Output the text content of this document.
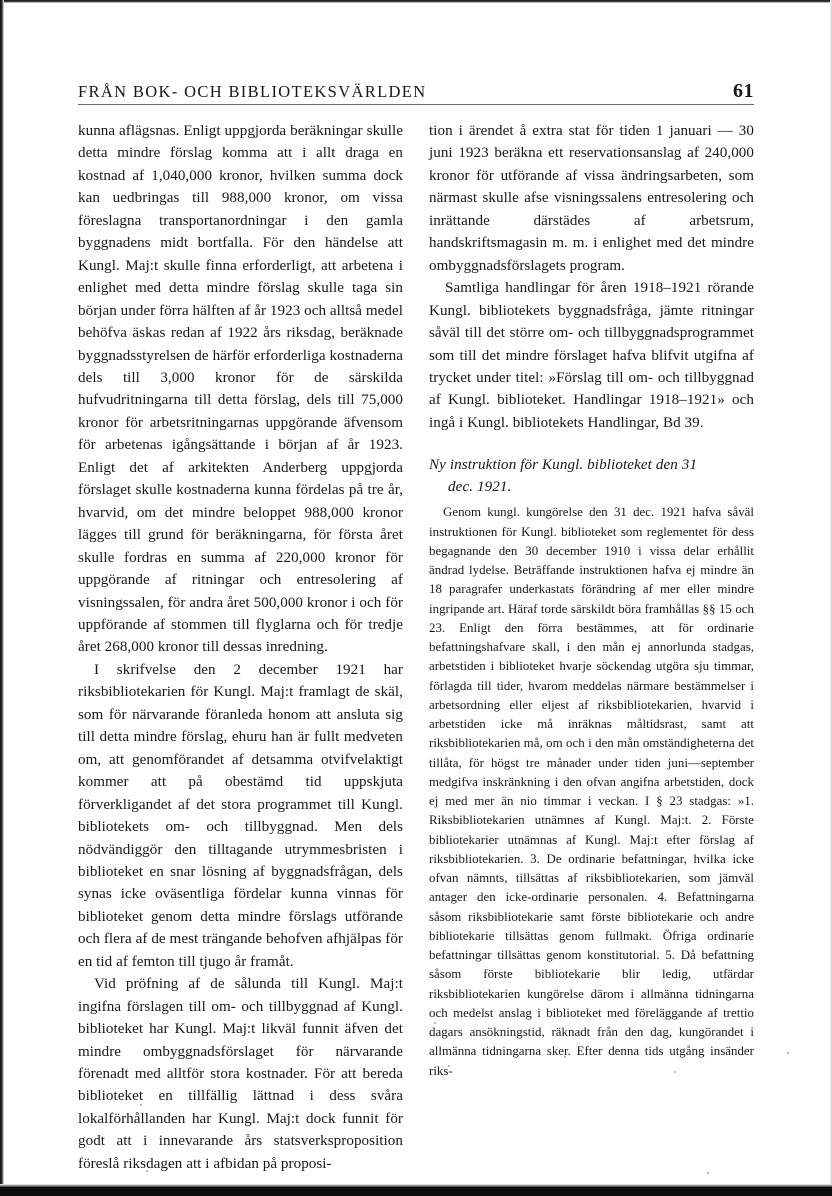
FRÅN BOK- OCH BIBLIOTEKSVÄRLDEN	61

kunna aflägsnas. Enligt uppgjorda beräkningar skulle detta mindre förslag komma att i allt draga en kostnad af 1,040,000 kronor, hvilken summa dock kan uedbringas till 988,000 kronor, om vissa föreslagna transportanordningar i den gamla byggnadens midt bortfalla. För den händelse att Kungl. Maj:t skulle finna erforderligt, att arbetena i enlighet med detta mindre förslag skulle taga sin början under förra hälften af år 1923 och alltså medel behöfva äskas redan af 1922 års riksdag, beräknade byggnadsstyrelsen de härför erforderliga kostnaderna dels till 3,000 kronor för de särskilda hufvudritningarna till detta förslag, dels till 75,000 kronor för arbetsritningarnas uppgörande äfvensom för arbetenas igångsättande i början af år 1923. Enligt det af arkitekten Anderberg uppgjorda förslaget skulle kostnaderna kunna fördelas på tre år, hvarvid, om det mindre beloppet 988,000 kronor lägges till grund för beräkningarna, för första året skulle fordras en summa af 220,000 kronor för uppgörande af ritningar och entresolering af visningssalen, för andra året 500,000 kronor i och för uppförande af stommen till flyglarna och för tredje året 268,000 kronor till dessas inredning.

I skrifvelse den 2 december 1921 har riksbibliotekarien för Kungl. Maj:t framlagt de skäl, som för närvarande föranleda honom att ansluta sig till detta mindre förslag, ehuru han är fullt medveten om, att genomförandet af detsamma otvifvelaktigt kommer att på obestämd tid uppskjuta förverkligandet af det stora programmet till Kungl. bibliotekets om- och tillbyggnad. Men dels nödvändiggör den tilltagande utrymmesbristen i biblioteket en snar lösning af byggnadsfrågan, dels synas icke oväsentliga fördelar kunna vinnas för biblioteket genom detta mindre förslags utförande och flera af de mest trängande behofven afhjälpas för en tid af femton till tjugo år framåt.

Vid pröfning af de sålunda till Kungl. Maj:t ingifna förslagen till om- och tillbyggnad af Kungl. biblioteket har Kungl. Maj:t likväl funnit äfven det mindre ombyggnadsförslaget för närvarande förenadt med alltför stora kostnader. För att bereda biblioteket en tillfällig lättnad i dess svåra lokalförhållanden har Kungl. Maj:t dock funnit för godt att i innevarande års statsverksproposition föreslå riksdagen att i afbidan på proposi-

tion i ärendet å extra stat för tiden 1 januari — 30 juni 1923 beräkna ett reservationsanslag af 240,000 kronor för utförande af vissa ändringsarbeten, som närmast skulle afse visningssalens entresolering och inrättande därstädes af arbetsrum, handskriftsmagasin m. m. i enlighet med det mindre ombyggnadsförslagets program.

Samtliga handlingar för åren 1918–1921 rörande Kungl. bibliotekets byggnadsfråga, jämte ritningar såväl till det större om- och tillbyggnadsprogrammet som till det mindre förslaget hafva blifvit utgifna af trycket under titel: »Förslag till om- och tillbyggnad af Kungl. biblioteket. Handlingar 1918–1921» och ingå i Kungl. bibliotekets Handlingar, Bd 39.

Ny instruktion för Kungl. biblioteket den 31
dec. 1921.

Genom kungl. kungörelse den 31 dec. 1921 hafva såväl instruktionen för Kungl. biblioteket som reglementet för dess begagnande den 30 december 1910 i vissa delar erhållit ändrad lydelse. Beträffande instruktionen hafva ej mindre än 18 paragrafer underkastats förändring af mer eller mindre ingripande art. Häraf torde särskildt böra framhållas §§ 15 och 23. Enligt den förra bestämmes, att för ordinarie befattningshafvare skall, i den mån ej annorlunda stadgas, arbetstiden i biblioteket hvarje söckendag utgöra sju timmar, förlagda till tider, hvarom meddelas närmare bestämmelser i arbetsordning eller eljest af riksbibliotekarien, hvarvid i arbetstiden icke må inräknas måltidsrast, samt att riksbibliotekarien må, om och i den mån omständigheterna det tillåta, för högst tre månader under tiden juni—september medgifva inskränkning i den ofvan angifna arbetstiden, dock ej med mer än nio timmar i veckan. I § 23 stadgas: »1. Riksbibliotekarien utnämnes af Kungl. Maj:t. 2. Förste bibliotekarier utnämnas af Kungl. Maj:t efter förslag af riksbibliotekarien. 3. De ordinarie befattningar, hvilka icke ofvan nämnts, tillsättas af riksbibliotekarien, som jämväl antager den icke-ordinarie personalen. 4. Befattningarna såsom riksbibliotekarie samt förste bibliotekarie och andre bibliotekarie tillsättas genom fullmakt. Öfriga ordinarie befattningar tillsättas genom konstitutorial. 5. Då befattning såsom förste bibliotekarie blir ledig, utfärdar riksbibliotekarien kungörelse därom i allmänna tidningarna och medelst anslag i biblioteket med föreläggande af trettio dagars ansökningstid, räknadt från den dag, kungörandet i allmänna tidningarna sker. Efter denna tids utgång insänder riks-
